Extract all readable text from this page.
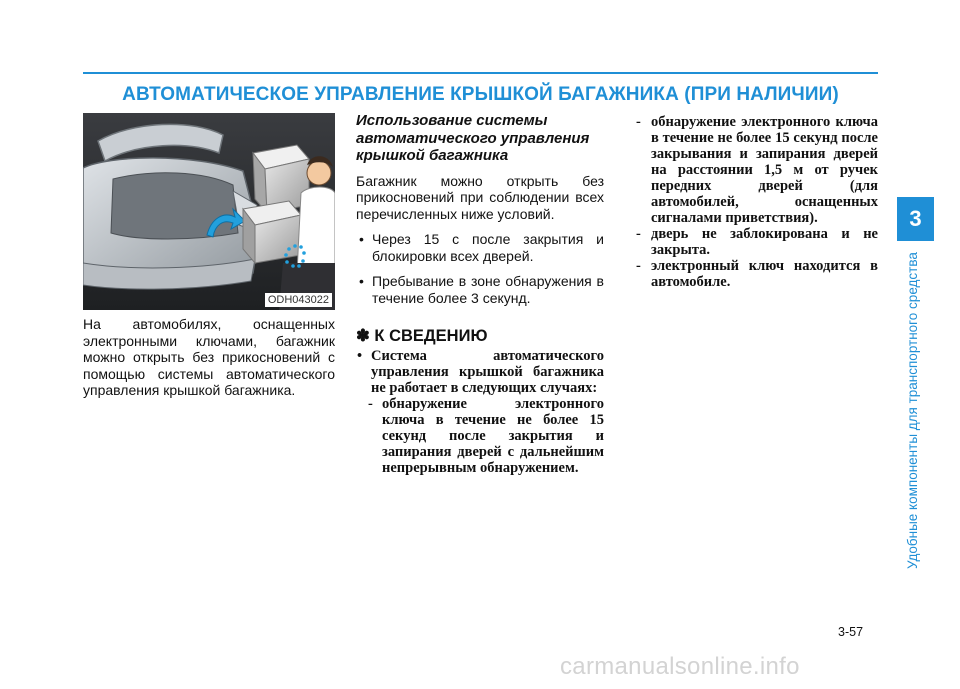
АВТОМАТИЧЕСКОЕ УПРАВЛЕНИЕ КРЫШКОЙ БАГАЖНИКА (ПРИ НАЛИЧИИ)
3
Удобные компоненты для транспортного средства
ODH043022

На автомобилях, оснащенных электронными ключами, багажник можно открыть без прикосновений с помощью системы автоматического управления крышкой багажника.

Использование системы автоматического управления крышкой багажника

Багажник можно открыть без прикосновений при соблюдении всех перечисленных ниже условий.

• Через 15 с после закрытия и блокировки всех дверей.
• Пребывание в зоне обнаружения в течение более 3 секунд.
✽ К СВЕДЕНИЮ
• Система автоматического управления крышкой багажника не работает в следующих случаях:
- обнаружение электронного ключа в течение не более 15 секунд после закрытия и запирания дверей с дальнейшим непрерывным обнаружением.
- обнаружение электронного ключа в течение не более 15 секунд после закрывания и запирания дверей на расстоянии 1,5 м от ручек передних дверей (для автомобилей, оснащенных сигналами приветствия).
- дверь не заблокирована и не закрыта.
- электронный ключ находится в автомобиле.
3-57
carmanualsonline.info
